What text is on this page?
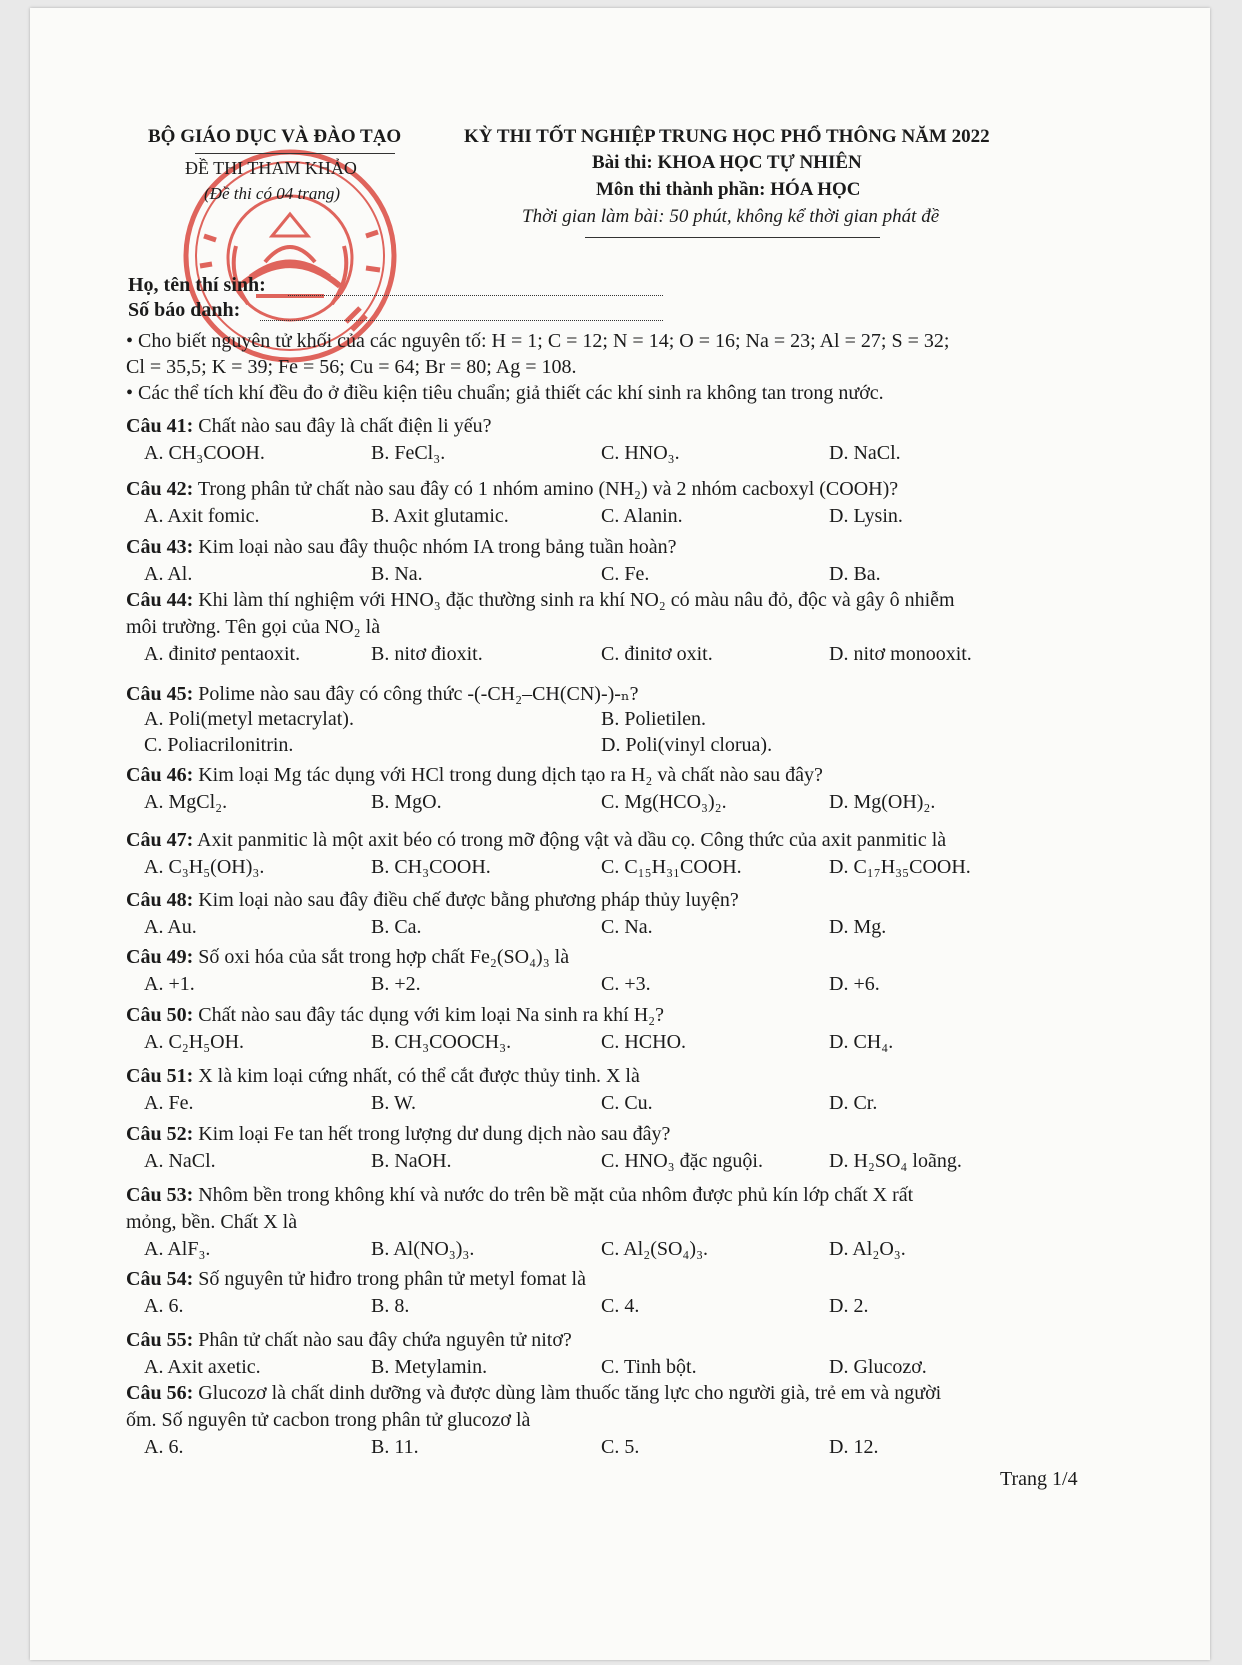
BỘ GIÁO DỤC VÀ ĐÀO TẠO
ĐỀ THI THAM KHẢO
(Đề thi có 04 trang)
KỲ THI TỐT NGHIỆP TRUNG HỌC PHỔ THÔNG NĂM 2022
Bài thi: KHOA HỌC TỰ NHIÊN
Môn thi thành phần: HÓA HỌC
Thời gian làm bài: 50 phút, không kể thời gian phát đề
Họ, tên thí sinh:
Số báo danh:
• Cho biết nguyên tử khối của các nguyên tố: H = 1; C = 12; N = 14; O = 16; Na = 23; Al = 27; S = 32;
Cl = 35,5; K = 39; Fe = 56; Cu = 64; Br = 80; Ag = 108.
• Các thể tích khí đều đo ở điều kiện tiêu chuẩn; giả thiết các khí sinh ra không tan trong nước.
Câu 41: Chất nào sau đây là chất điện li yếu?
A. CH₃COOH.	B. FeCl₃.	C. HNO₃.	D. NaCl.
Câu 42: Trong phân tử chất nào sau đây có 1 nhóm amino (NH₂) và 2 nhóm cacboxyl (COOH)?
A. Axit fomic.	B. Axit glutamic.	C. Alanin.	D. Lysin.
Câu 43: Kim loại nào sau đây thuộc nhóm IA trong bảng tuần hoàn?
A. Al.	B. Na.	C. Fe.	D. Ba.
Câu 44: Khi làm thí nghiệm với HNO₃ đặc thường sinh ra khí NO₂ có màu nâu đỏ, độc và gây ô nhiễm
môi trường. Tên gọi của NO₂ là
A. đinitơ pentaoxit.	B. nitơ đioxit.	C. đinitơ oxit.	D. nitơ monooxit.
Câu 45: Polime nào sau đây có công thức -(-CH₂–CH(CN)-)-ₙ?
A. Poli(metyl metacrylat).	B. Polietilen.
C. Poliacrilonitrin.	D. Poli(vinyl clorua).
Câu 46: Kim loại Mg tác dụng với HCl trong dung dịch tạo ra H₂ và chất nào sau đây?
A. MgCl₂.	B. MgO.	C. Mg(HCO₃)₂.	D. Mg(OH)₂.
Câu 47: Axit panmitic là một axit béo có trong mỡ động vật và dầu cọ. Công thức của axit panmitic là
A. C₃H₅(OH)₃.	B. CH₃COOH.	C. C₁₅H₃₁COOH.	D. C₁₇H₃₅COOH.
Câu 48: Kim loại nào sau đây điều chế được bằng phương pháp thủy luyện?
A. Au.	B. Ca.	C. Na.	D. Mg.
Câu 49: Số oxi hóa của sắt trong hợp chất Fe₂(SO₄)₃ là
A. +1.	B. +2.	C. +3.	D. +6.
Câu 50: Chất nào sau đây tác dụng với kim loại Na sinh ra khí H₂?
A. C₂H₅OH.	B. CH₃COOCH₃.	C. HCHO.	D. CH₄.
Câu 51: X là kim loại cứng nhất, có thể cắt được thủy tinh. X là
A. Fe.	B. W.	C. Cu.	D. Cr.
Câu 52: Kim loại Fe tan hết trong lượng dư dung dịch nào sau đây?
A. NaCl.	B. NaOH.	C. HNO₃ đặc nguội.	D. H₂SO₄ loãng.
Câu 53: Nhôm bền trong không khí và nước do trên bề mặt của nhôm được phủ kín lớp chất X rất
mỏng, bền. Chất X là
A. AlF₃.	B. Al(NO₃)₃.	C. Al₂(SO₄)₃.	D. Al₂O₃.
Câu 54: Số nguyên tử hiđro trong phân tử metyl fomat là
A. 6.	B. 8.	C. 4.	D. 2.
Câu 55: Phân tử chất nào sau đây chứa nguyên tử nitơ?
A. Axit axetic.	B. Metylamin.	C. Tinh bột.	D. Glucozơ.
Câu 56: Glucozơ là chất dinh dưỡng và được dùng làm thuốc tăng lực cho người già, trẻ em và người
ốm. Số nguyên tử cacbon trong phân tử glucozơ là
A. 6.	B. 11.	C. 5.	D. 12.
Trang 1/4
